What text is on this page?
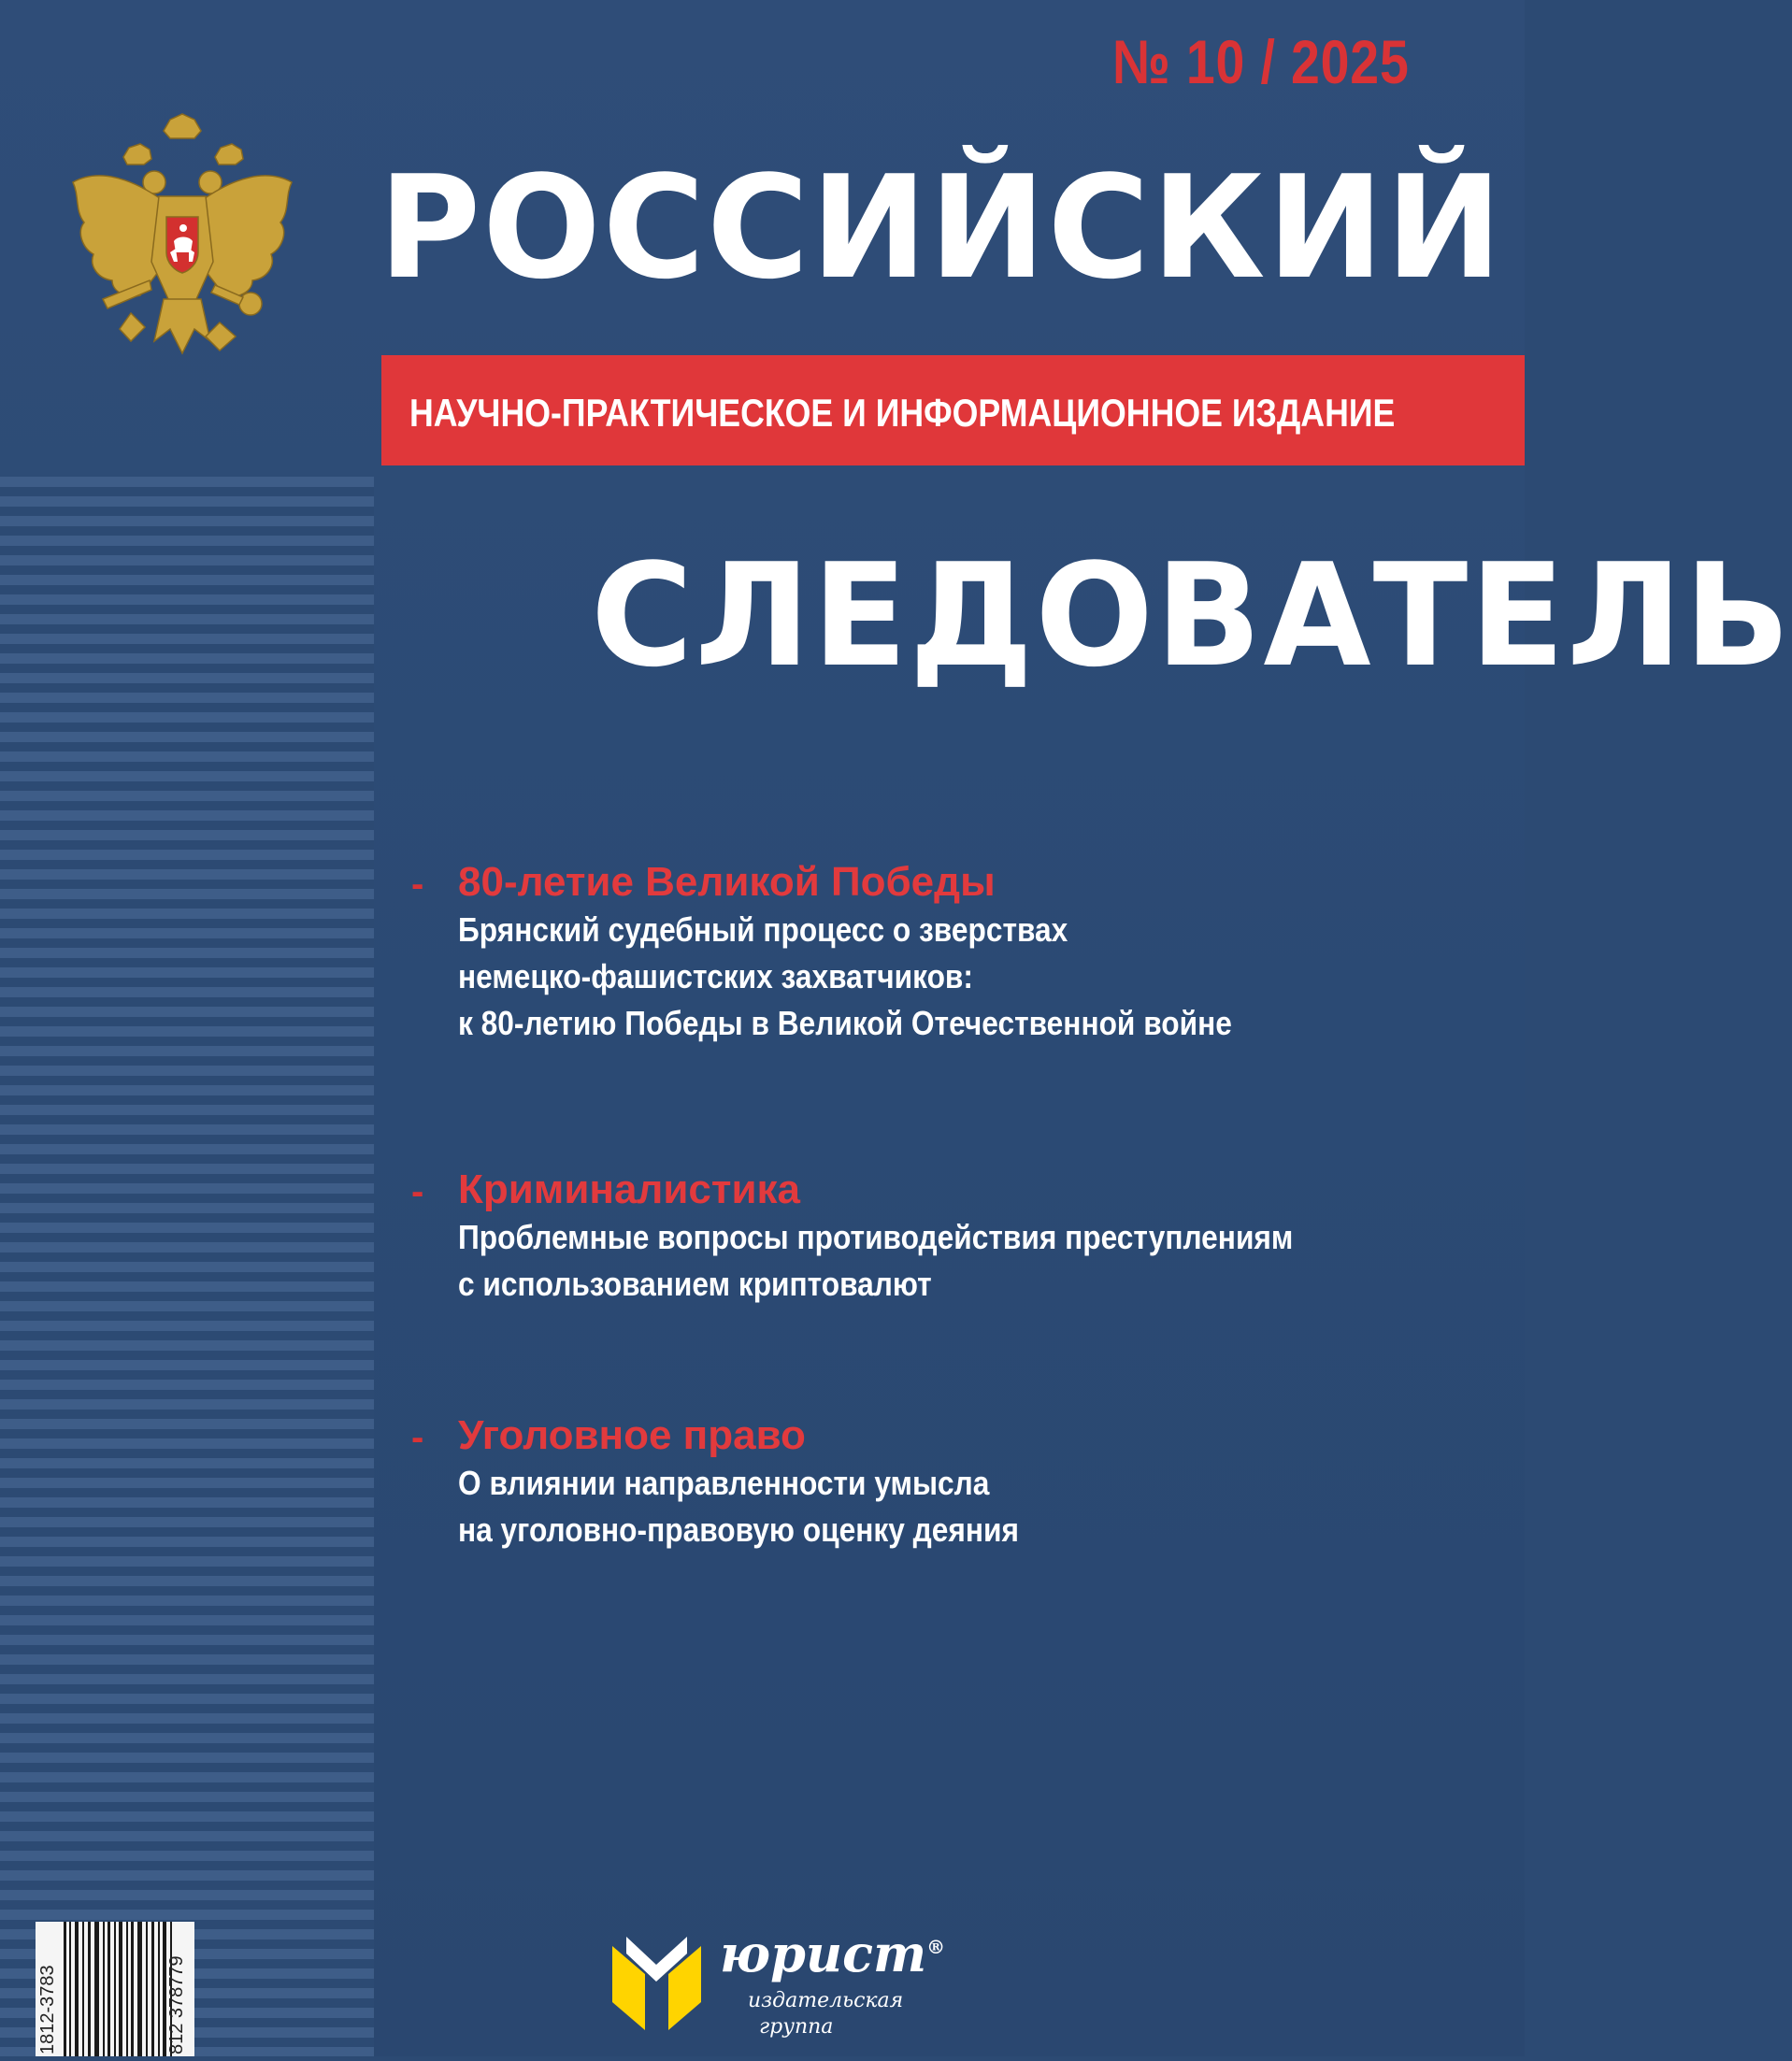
№ 10 / 2025
РОССИЙСКИЙ
НАУЧНО-ПРАКТИЧЕСКОЕ И ИНФОРМАЦИОННОЕ ИЗДАНИЕ
СЛЕДОВАТЕЛЬ
- 80-летие Великой Победы
Брянский судебный процесс о зверствах
немецко-фашистских захватчиков:
к 80-летию Победы в Великой Отечественной войне
- Криминалистика
Проблемные вопросы противодействия преступлениям
с использованием криптовалют
- Уголовное право
О влиянии направленности умысла
на уголовно-правовую оценку деяния
юрист®
издательская
группа
1812-3783	812 378779
